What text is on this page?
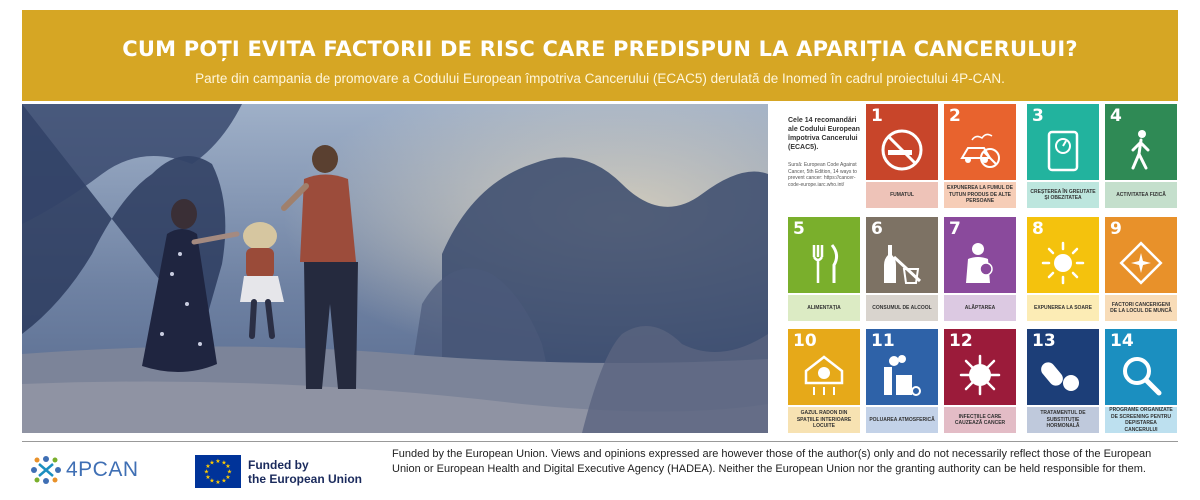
CUM POȚI EVITA FACTORII DE RISC CARE PREDISPUN LA APARIȚIA CANCERULUI?
Parte din campania de promovare a Codului European împotriva Cancerului (ECAC5) derulată de Inomed în cadrul proiectului 4P-CAN.
Cele 14 recomandări ale Codului European împotriva Cancerului (ECAC5).
Sursă: European Code Against Cancer, 5th Edition, 14 ways to prevent cancer: https://cancer-code-europe.iarc.who.int/
1
FUMATUL
2
EXPUNEREA LA FUMUL DE TUTUN PRODUS DE ALTE PERSOANE
3
CREȘTEREA ÎN GREUTATE ȘI OBEZITATEA
4
ACTIVITATEA FIZICĂ
5
ALIMENTAȚIA
6
CONSUMUL DE ALCOOL
7
ALĂPTAREA
8
EXPUNEREA LA SOARE
9
FACTORI CANCERIGENI DE LA LOCUL DE MUNCĂ
10
GAZUL RADON DIN SPAȚIILE INTERIOARE LOCUITE
11
POLUAREA ATMOSFERICĂ
12
INFECȚIILE CARE CAUZEAZĂ CANCER
13
TRATAMENTUL DE SUBSTITUȚIE HORMONALĂ
14
PROGRAME ORGANIZATE DE SCREENING PENTRU DEPISTAREA CANCERULUI
4PCAN	★ ★
★
★
★
★
★
★
★
★
★
★	Funded by
the European Union
Funded by the European Union. Views and opinions expressed are however those of the author(s) only and do not necessarily reflect those of the European Union or European Health and Digital Executive Agency (HADEA). Neither the European Union nor the granting authority can be held responsible for them.
